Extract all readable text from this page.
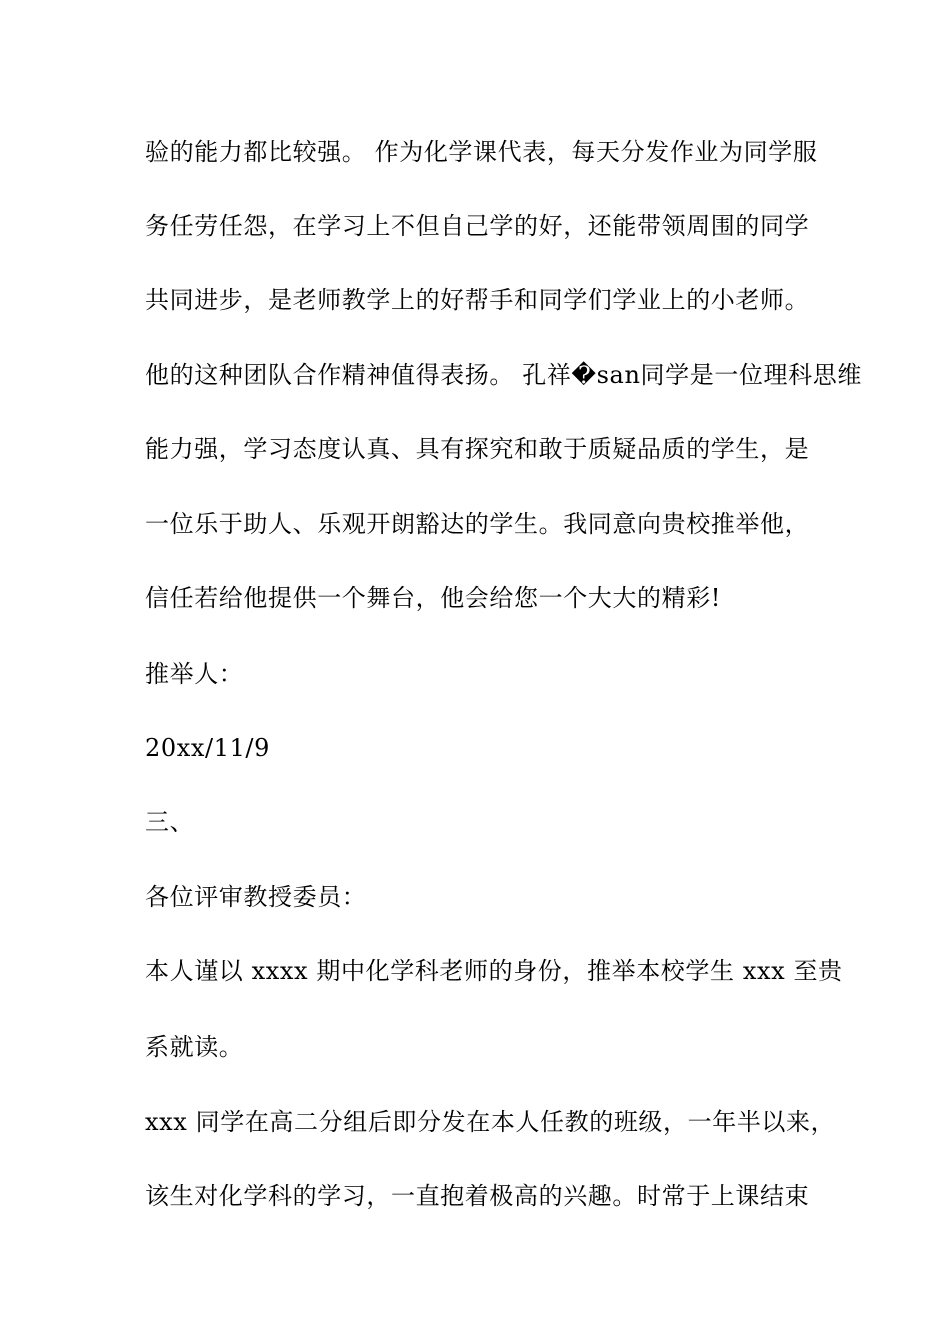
验的能力都比较强。 作为化学课代表，每天分发作业为同学服
务任劳任怨，在学习上不但自己学的好，还能带领周围的同学
共同进步，是老师教学上的好帮手和同学们学业上的小老师。
他的这种团队合作精神值得表扬。 孔祥�san同学是一位理科思维
能力强，学习态度认真、具有探究和敢于质疑品质的学生，是
一位乐于助人、乐观开朗豁达的学生。我同意向贵校推举他，
信任若给他提供一个舞台，他会给您一个大大的精彩!
推举人：
20xx/11/9
三、
各位评审教授委员：
本人谨以 xxxx 期中化学科老师的身份，推举本校学生 xxx 至贵
系就读。
xxx 同学在高二分组后即分发在本人任教的班级，一年半以来，
该生对化学科的学习，一直抱着极高的兴趣。时常于上课结束
